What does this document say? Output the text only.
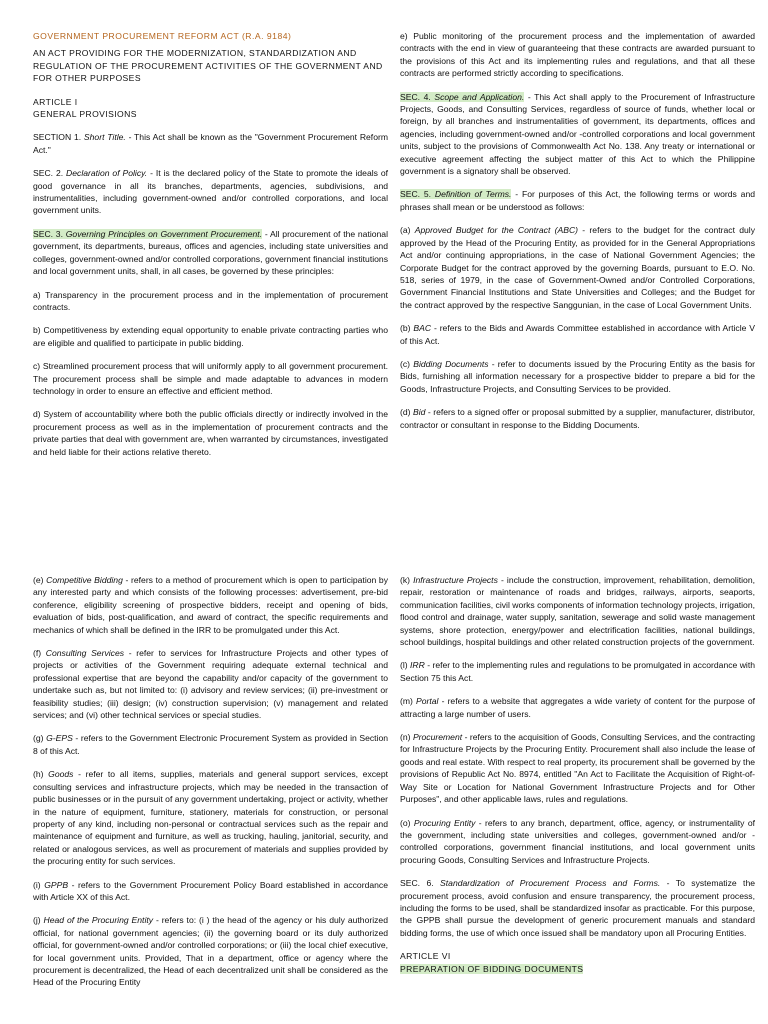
GOVERNMENT PROCUREMENT REFORM ACT (R.A. 9184)
AN ACT PROVIDING FOR THE MODERNIZATION, STANDARDIZATION AND REGULATION OF THE PROCUREMENT ACTIVITIES OF THE GOVERNMENT AND FOR OTHER PURPOSES
ARTICLE I
GENERAL PROVISIONS

SECTION 1. Short Title. - This Act shall be known as the "Government Procurement Reform Act."

SEC. 2. Declaration of Policy. - It is the declared policy of the State to promote the ideals of good governance in all its branches, departments, agencies, subdivisions, and instrumentalities, including government-owned and/or controlled corporations, and local government units.

SEC. 3. Governing Principles on Government Procurement. - All procurement of the national government, its departments, bureaus, offices and agencies, including state universities and colleges, government-owned and/or controlled corporations, government financial institutions and local government units, shall, in all cases, be governed by these principles:

a) Transparency in the procurement process and in the implementation of procurement contracts.

b) Competitiveness by extending equal opportunity to enable private contracting parties who are eligible and qualified to participate in public bidding.

c) Streamlined procurement process that will uniformly apply to all government procurement. The procurement process shall be simple and made adaptable to advances in modern technology in order to ensure an effective and efficient method.

d) System of accountability where both the public officials directly or indirectly involved in the procurement process as well as in the implementation of procurement contracts and the private parties that deal with government are, when warranted by circumstances, investigated and held liable for their actions relative thereto.

e) Public monitoring of the procurement process and the implementation of awarded contracts with the end in view of guaranteeing that these contracts are awarded pursuant to the provisions of this Act and its implementing rules and regulations, and that all these contracts are performed strictly according to specifications.

SEC. 4. Scope and Application. - This Act shall apply to the Procurement of Infrastructure Projects, Goods, and Consulting Services, regardless of source of funds, whether local or foreign, by all branches and instrumentalities of government, its departments, offices and agencies, including government-owned and/or -controlled corporations and local government units, subject to the provisions of Commonwealth Act No. 138. Any treaty or international or executive agreement affecting the subject matter of this Act to which the Philippine government is a signatory shall be observed.

SEC. 5. Definition of Terms. - For purposes of this Act, the following terms or words and phrases shall mean or be understood as follows:

(a) Approved Budget for the Contract (ABC) - refers to the budget for the contract duly approved by the Head of the Procuring Entity, as provided for in the General Appropriations Act and/or continuing appropriations, in the case of National Government Agencies; the Corporate Budget for the contract approved by the governing Boards, pursuant to E.O. No. 518, series of 1979, in the case of Government-Owned and/or Controlled Corporations, Government Financial Institutions and State Universities and Colleges; and the Budget for the contract approved by the respective Sanggunian, in the case of Local Government Units.

(b) BAC - refers to the Bids and Awards Committee established in accordance with Article V of this Act.

(c) Bidding Documents - refer to documents issued by the Procuring Entity as the basis for Bids, furnishing all information necessary for a prospective bidder to prepare a bid for the Goods, Infrastructure Projects, and Consulting Services to be provided.

(d) Bid - refers to a signed offer or proposal submitted by a supplier, manufacturer, distributor, contractor or consultant in response to the Bidding Documents.

(e) Competitive Bidding - refers to a method of procurement which is open to participation by any interested party and which consists of the following processes: advertisement, pre-bid conference, eligibility screening of prospective bidders, receipt and opening of bids, evaluation of bids, post-qualification, and award of contract, the specific requirements and mechanics of which shall be defined in the IRR to be promulgated under this Act.

(f) Consulting Services - refer to services for Infrastructure Projects and other types of projects or activities of the Government requiring adequate external technical and professional expertise that are beyond the capability and/or capacity of the government to undertake such as, but not limited to: (i) advisory and review services; (ii) pre-investment or feasibility studies; (iii) design; (iv) construction supervision; (v) management and related services; and (vi) other technical services or special studies.

(g) G-EPS - refers to the Government Electronic Procurement System as provided in Section 8 of this Act.

(h) Goods - refer to all items, supplies, materials and general support services, except consulting services and infrastructure projects, which may be needed in the transaction of public businesses or in the pursuit of any government undertaking, project or activity, whether in the nature of equipment, furniture, stationery, materials for construction, or personal property of any kind, including non-personal or contractual services such as the repair and maintenance of equipment and furniture, as well as trucking, hauling, janitorial, security, and related or analogous services, as well as procurement of materials and supplies provided by the procuring entity for such services.

(i) GPPB - refers to the Government Procurement Policy Board established in accordance with Article XX of this Act.

(j) Head of the Procuring Entity - refers to: (i ) the head of the agency or his duly authorized official, for national government agencies; (ii) the governing board or its duly authorized official, for government-owned and/or controlled corporations; or (iii) the local chief executive, for local government units. Provided, That in a department, office or agency where the procurement is decentralized, the Head of each decentralized unit shall be considered as the Head of the Procuring Entity

(k) Infrastructure Projects - include the construction, improvement, rehabilitation, demolition, repair, restoration or maintenance of roads and bridges, railways, airports, seaports, communication facilities, civil works components of information technology projects, irrigation, flood control and drainage, water supply, sanitation, sewerage and solid waste management systems, shore protection, energy/power and electrification facilities, national buildings, school buildings, hospital buildings and other related construction projects of the government.

(l) IRR - refer to the implementing rules and regulations to be promulgated in accordance with Section 75 this Act.

(m) Portal - refers to a website that aggregates a wide variety of content for the purpose of attracting a large number of users.

(n) Procurement - refers to the acquisition of Goods, Consulting Services, and the contracting for Infrastructure Projects by the Procuring Entity. Procurement shall also include the lease of goods and real estate. With respect to real property, its procurement shall be governed by the provisions of Republic Act No. 8974, entitled "An Act to Facilitate the Acquisition of Right-of-Way Site or Location for National Government Infrastructure Projects and for Other Purposes", and other applicable laws, rules and regulations.

(o) Procuring Entity - refers to any branch, department, office, agency, or instrumentality of the government, including state universities and colleges, government-owned and/or -controlled corporations, government financial institutions, and local government units procuring Goods, Consulting Services and Infrastructure Projects.

SEC. 6. Standardization of Procurement Process and Forms. - To systematize the procurement process, avoid confusion and ensure transparency, the procurement process, including the forms to be used, shall be standardized insofar as practicable. For this purpose, the GPPB shall pursue the development of generic procurement manuals and standard bidding forms, the use of which once issued shall be mandatory upon all Procuring Entities.

ARTICLE VI
PREPARATION OF BIDDING DOCUMENTS
